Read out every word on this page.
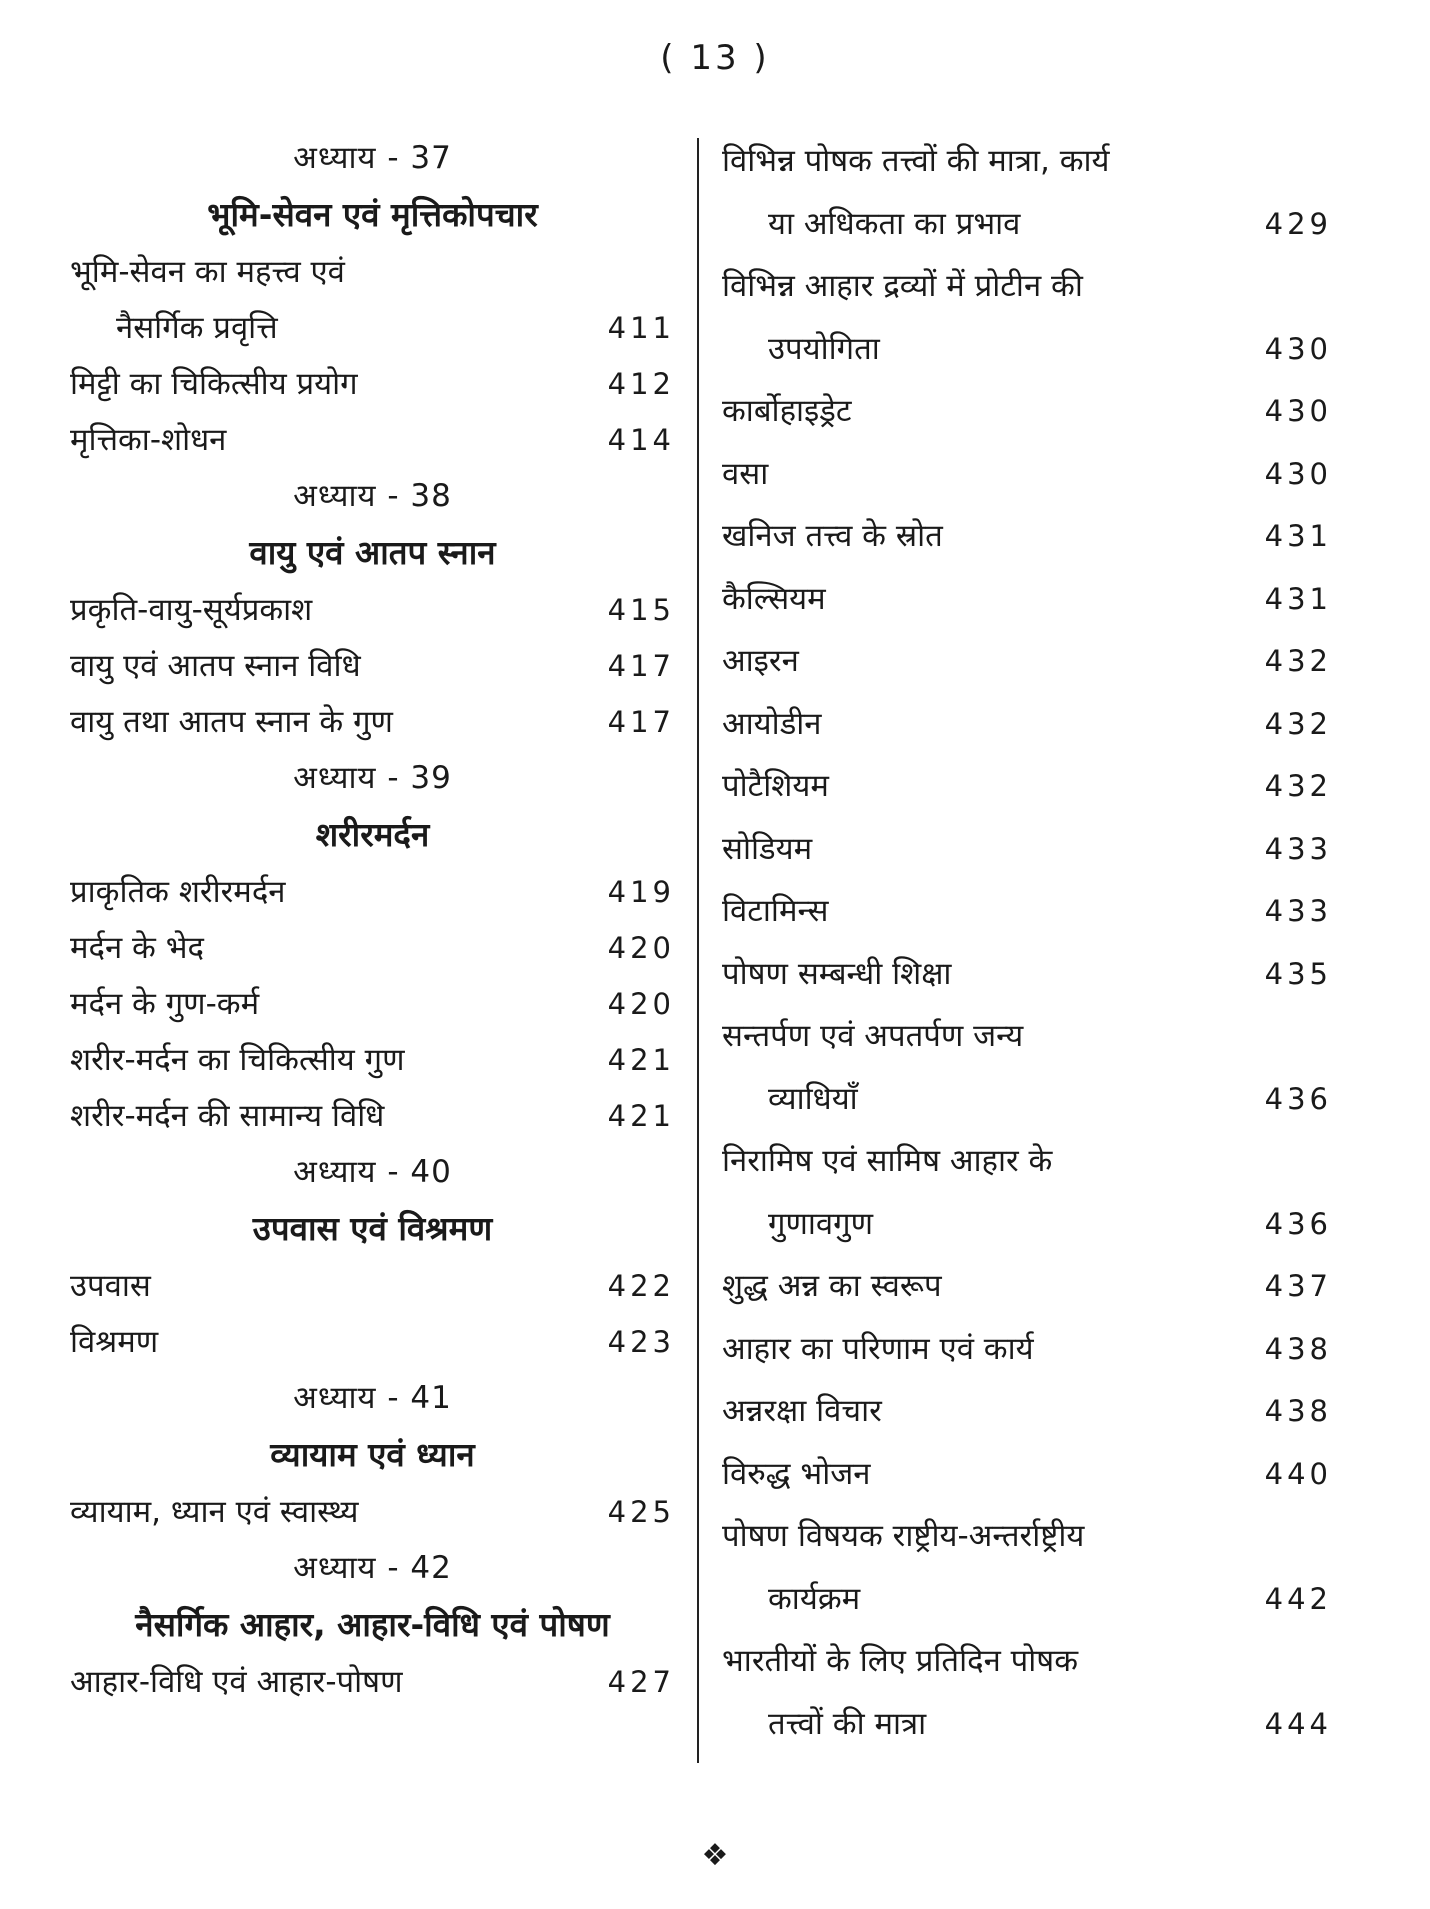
( 13 )
अध्याय - 37
भूमि-सेवन एवं मृत्तिकोपचार
भूमि-सेवन का महत्त्व एवं
नैसर्गिक प्रवृत्ति	411
मिट्टी का चिकित्सीय प्रयोग	412
मृत्तिका-शोधन	414
अध्याय - 38
वायु एवं आतप स्नान
प्रकृति-वायु-सूर्यप्रकाश	415
वायु एवं आतप स्नान विधि	417
वायु तथा आतप स्नान के गुण	417
अध्याय - 39
शरीरमर्दन
प्राकृतिक शरीरमर्दन	419
मर्दन के भेद	420
मर्दन के गुण-कर्म	420
शरीर-मर्दन का चिकित्सीय गुण	421
शरीर-मर्दन की सामान्य विधि	421
अध्याय - 40
उपवास एवं विश्रमण
उपवास	422
विश्रमण	423
अध्याय - 41
व्यायाम एवं ध्यान
व्यायाम, ध्यान एवं स्वास्थ्य	425
अध्याय - 42
नैसर्गिक आहार, आहार-विधि एवं पोषण
आहार-विधि एवं आहार-पोषण	427
विभिन्न पोषक तत्त्वों की मात्रा, कार्य
या अधिकता का प्रभाव	429
विभिन्न आहार द्रव्यों में प्रोटीन की
उपयोगिता	430
कार्बोहाइड्रेट	430
वसा	430
खनिज तत्त्व के स्रोत	431
कैल्सियम	431
आइरन	432
आयोडीन	432
पोटैशियम	432
सोडियम	433
विटामिन्स	433
पोषण सम्बन्धी शिक्षा	435
सन्तर्पण एवं अपतर्पण जन्य
व्याधियाँ	436
निरामिष एवं सामिष आहार के
गुणावगुण	436
शुद्ध अन्न का स्वरूप	437
आहार का परिणाम एवं कार्य	438
अन्नरक्षा विचार	438
विरुद्ध भोजन	440
पोषण विषयक राष्ट्रीय-अन्तर्राष्ट्रीय
कार्यक्रम	442
भारतीयों के लिए प्रतिदिन पोषक
तत्त्वों की मात्रा	444
❖
